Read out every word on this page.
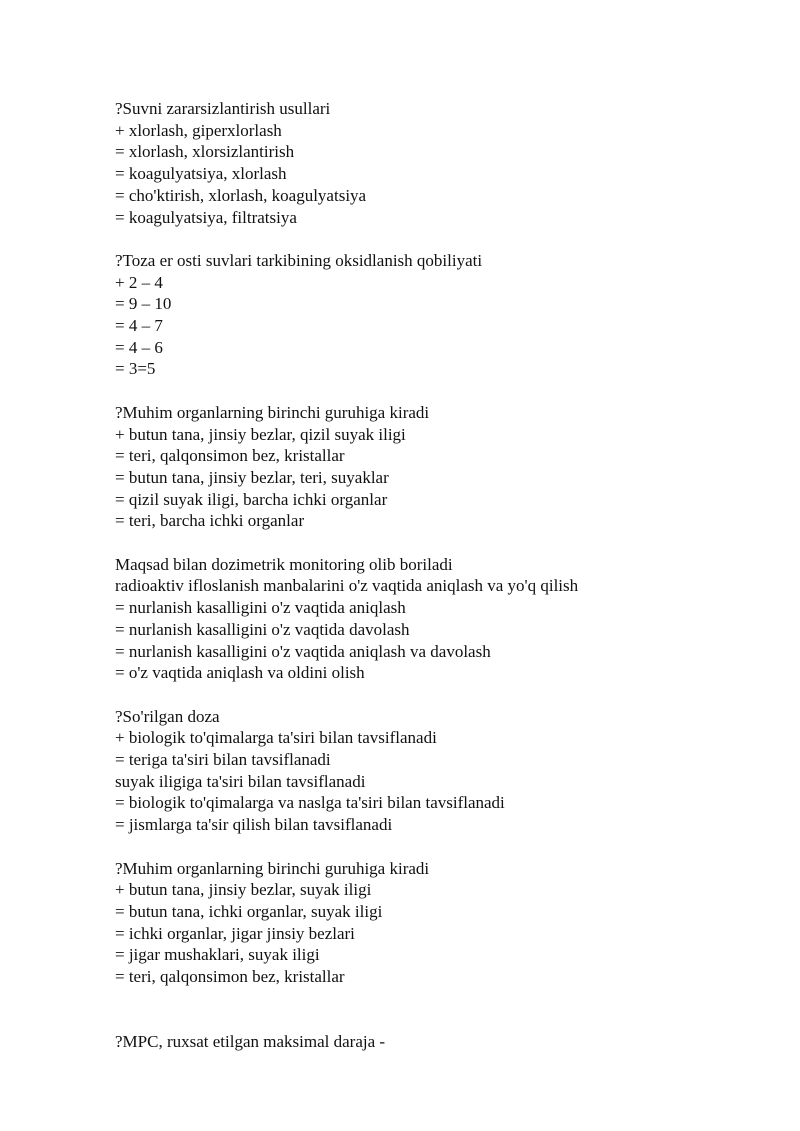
?Suvni zararsizlantirish usullari
+ xlorlash, giperxlorlash
= xlorlash, xlorsizlantirish
= koagulyatsiya, xlorlash
= cho'ktirish, xlorlash, koagulyatsiya
= koagulyatsiya, filtratsiya
?Toza er osti suvlari tarkibining oksidlanish qobiliyati
+ 2 – 4
= 9 – 10
= 4 – 7
= 4 – 6
= 3=5
?Muhim organlarning birinchi guruhiga kiradi
+ butun tana, jinsiy bezlar, qizil suyak iligi
= teri, qalqonsimon bez, kristallar
= butun tana, jinsiy bezlar, teri, suyaklar
= qizil suyak iligi, barcha ichki organlar
= teri, barcha ichki organlar
Maqsad bilan dozimetrik monitoring olib boriladi
radioaktiv ifloslanish manbalarini o'z vaqtida aniqlash va yo'q qilish
= nurlanish kasalligini o'z vaqtida aniqlash
= nurlanish kasalligini o'z vaqtida davolash
= nurlanish kasalligini o'z vaqtida aniqlash va davolash
= o'z vaqtida aniqlash va oldini olish
?So'rilgan doza
+ biologik to'qimalarga ta'siri bilan tavsiflanadi
= teriga ta'siri bilan tavsiflanadi
suyak iligiga ta'siri bilan tavsiflanadi
= biologik to'qimalarga va naslga ta'siri bilan tavsiflanadi
= jismlarga ta'sir qilish bilan tavsiflanadi
?Muhim organlarning birinchi guruhiga kiradi
+ butun tana, jinsiy bezlar, suyak iligi
= butun tana, ichki organlar, suyak iligi
= ichki organlar, jigar jinsiy bezlari
= jigar mushaklari, suyak iligi
= teri, qalqonsimon bez, kristallar
?MPC, ruxsat etilgan maksimal daraja -
